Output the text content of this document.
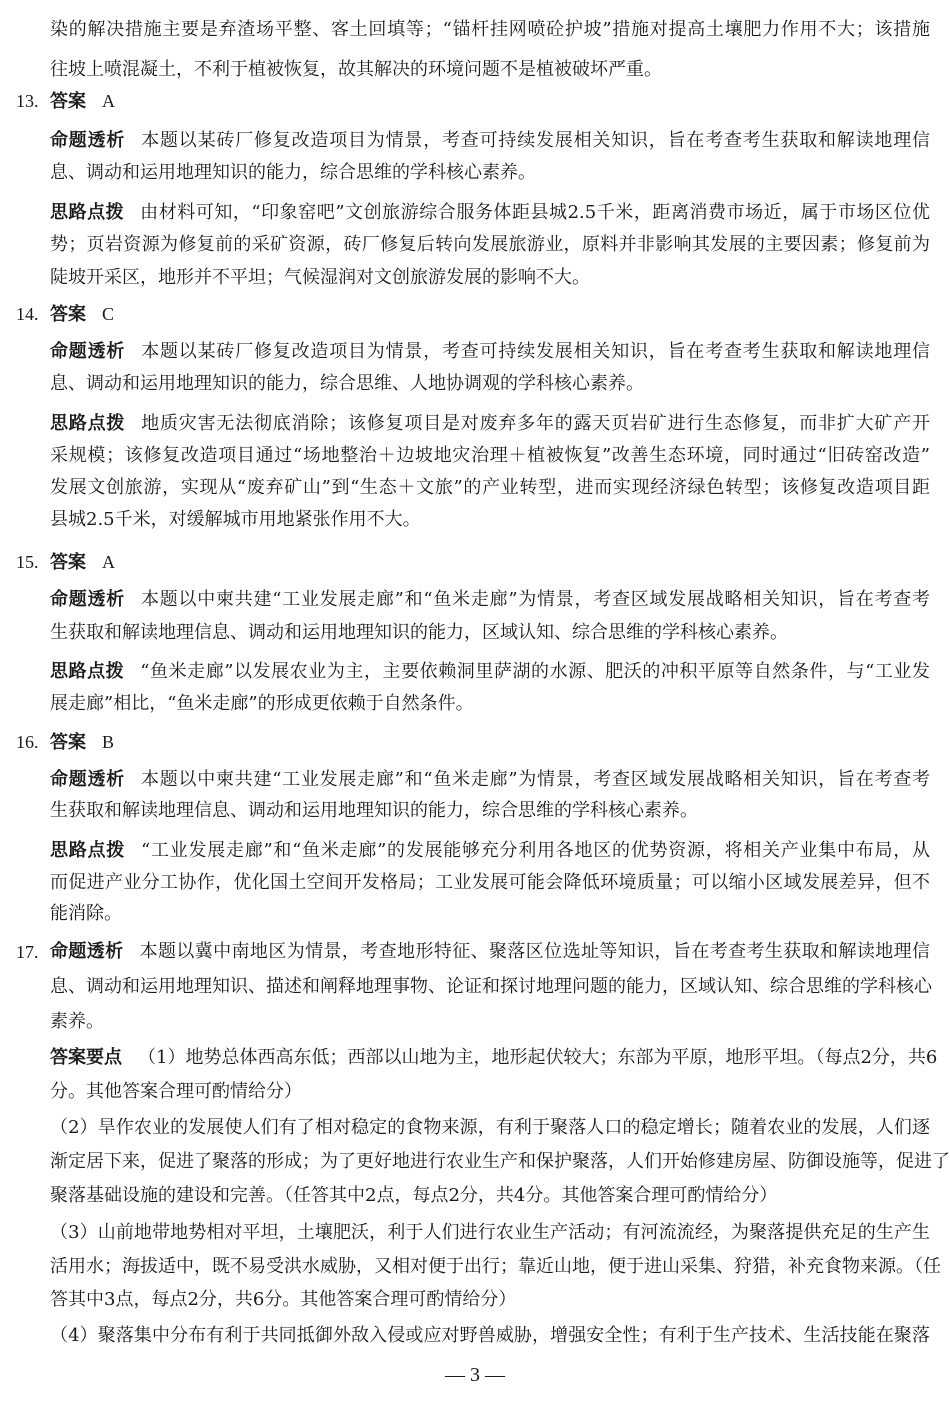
染的解决措施主要是弃渣场平整、客土回填等；“锚杆挂网喷砼护坡”措施对提高土壤肥力作用不大；该措施
往坡上喷混凝土，不利于植被恢复，故其解决的环境问题不是植被破坏严重。
13. 答案 A
命题透析 本题以某砖厂修复改造项目为情景，考查可持续发展相关知识，旨在考查考生获取和解读地理信
息、调动和运用地理知识的能力，综合思维的学科核心素养。
思路点拨 由材料可知，“印象窑吧”文创旅游综合服务体距县城2.5千米，距离消费市场近，属于市场区位优
势；页岩资源为修复前的采矿资源，砖厂修复后转向发展旅游业，原料并非影响其发展的主要因素；修复前为
陡坡开采区，地形并不平坦；气候湿润对文创旅游发展的影响不大。
14. 答案 C
命题透析 本题以某砖厂修复改造项目为情景，考查可持续发展相关知识，旨在考查考生获取和解读地理信
息、调动和运用地理知识的能力，综合思维、人地协调观的学科核心素养。
思路点拨 地质灾害无法彻底消除；该修复项目是对废弃多年的露天页岩矿进行生态修复，而非扩大矿产开
采规模；该修复改造项目通过“场地整治＋边坡地灾治理＋植被恢复”改善生态环境，同时通过“旧砖窑改造”
发展文创旅游，实现从“废弃矿山”到“生态＋文旅”的产业转型，进而实现经济绿色转型；该修复改造项目距
县城2.5千米，对缓解城市用地紧张作用不大。
15. 答案 A
命题透析 本题以中柬共建“工业发展走廊”和“鱼米走廊”为情景，考查区域发展战略相关知识，旨在考查考
生获取和解读地理信息、调动和运用地理知识的能力，区域认知、综合思维的学科核心素养。
思路点拨 “鱼米走廊”以发展农业为主，主要依赖洞里萨湖的水源、肥沃的冲积平原等自然条件，与“工业发
展走廊”相比，“鱼米走廊”的形成更依赖于自然条件。
16. 答案 B
命题透析 本题以中柬共建“工业发展走廊”和“鱼米走廊”为情景，考查区域发展战略相关知识，旨在考查考
生获取和解读地理信息、调动和运用地理知识的能力，综合思维的学科核心素养。
思路点拨 “工业发展走廊”和“鱼米走廊”的发展能够充分利用各地区的优势资源，将相关产业集中布局，从
而促进产业分工协作，优化国土空间开发格局；工业发展可能会降低环境质量；可以缩小区域发展差异，但不
能消除。
17. 命题透析 本题以冀中南地区为情景，考查地形特征、聚落区位选址等知识，旨在考查考生获取和解读地理信
息、调动和运用地理知识、描述和阐释地理事物、论证和探讨地理问题的能力，区域认知、综合思维的学科核心
素养。
答案要点 （1）地势总体西高东低；西部以山地为主，地形起伏较大；东部为平原，地形平坦。（每点2分，共6
分。其他答案合理可酌情给分）
（2）旱作农业的发展使人们有了相对稳定的食物来源，有利于聚落人口的稳定增长；随着农业的发展，人们逐
渐定居下来，促进了聚落的形成；为了更好地进行农业生产和保护聚落，人们开始修建房屋、防御设施等，促进了
聚落基础设施的建设和完善。（任答其中2点，每点2分，共4分。其他答案合理可酌情给分）
（3）山前地带地势相对平坦，土壤肥沃，利于人们进行农业生产活动；有河流流经，为聚落提供充足的生产生
活用水；海拔适中，既不易受洪水威胁，又相对便于出行；靠近山地，便于进山采集、狩猎，补充食物来源。（任
答其中3点，每点2分，共6分。其他答案合理可酌情给分）
（4）聚落集中分布有利于共同抵御外敌入侵或应对野兽威胁，增强安全性；有利于生产技术、生活技能在聚落
— 3 —
